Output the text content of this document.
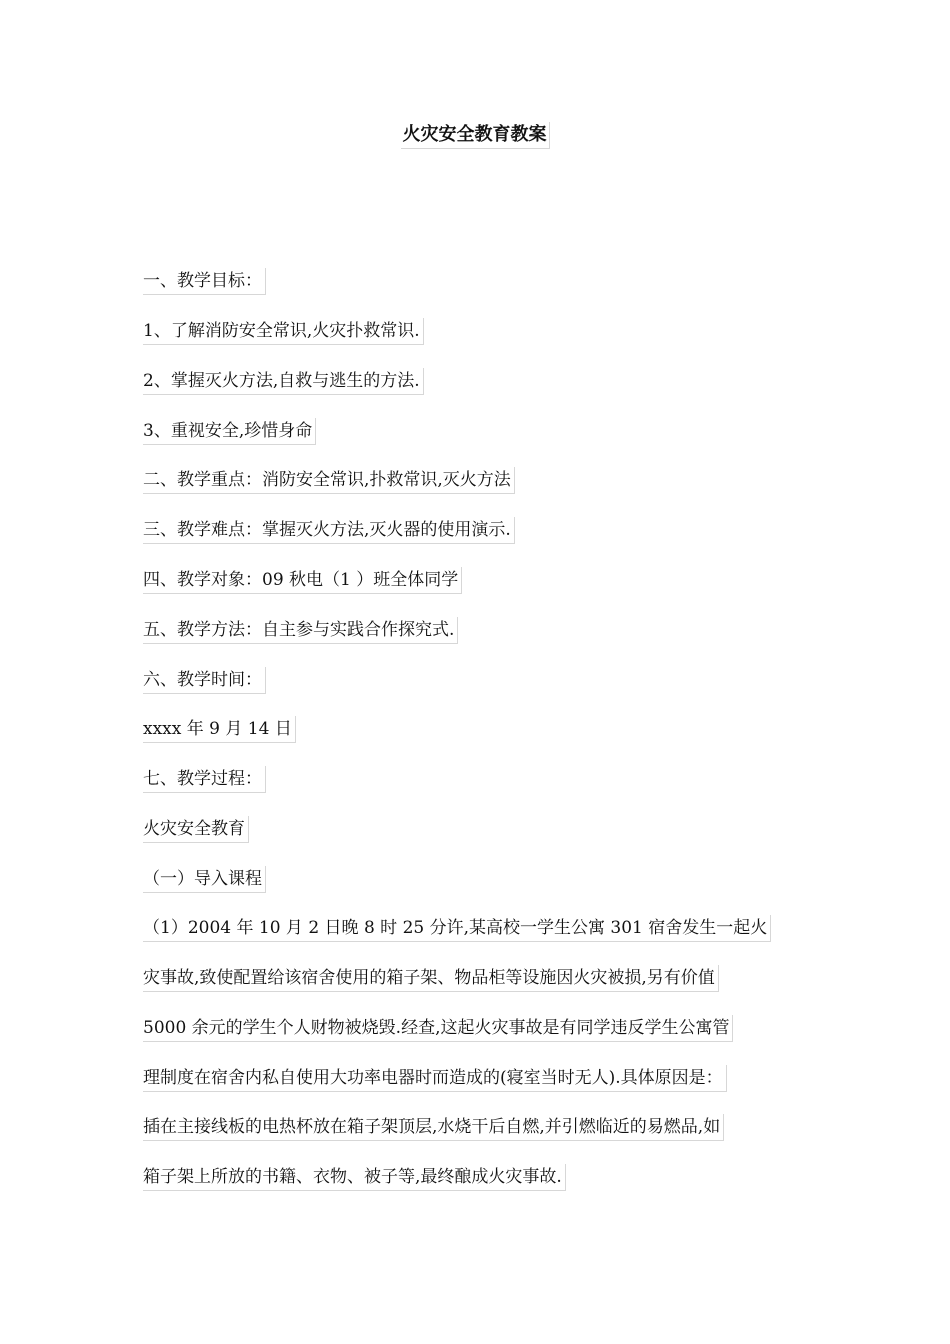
火灾安全教育教案
一、教学目标：
1、了解消防安全常识,火灾扑救常识.
2、掌握灭火方法,自救与逃生的方法.
3、重视安全,珍惜身命
二、教学重点：消防安全常识,扑救常识,灭火方法
三、教学难点：掌握灭火方法,灭火器的使用演示.
四、教学对象：09 秋电（1 ）班全体同学
五、教学方法：自主参与实践合作探究式.
六、教学时间：
xxxx 年 9 月 14 日
七、教学过程：
火灾安全教育
（一）导入课程
（1）2004 年 10 月 2 日晚 8 时 25 分许,某高校一学生公寓 301 宿舍发生一起火
灾事故,致使配置给该宿舍使用的箱子架、物品柜等设施因火灾被损,另有价值
5000 余元的学生个人财物被烧毁.经查,这起火灾事故是有同学违反学生公寓管
理制度在宿舍内私自使用大功率电器时而造成的(寝室当时无人).具体原因是：
插在主接线板的电热杯放在箱子架顶层,水烧干后自燃,并引燃临近的易燃品,如
箱子架上所放的书籍、衣物、被子等,最终酿成火灾事故.
